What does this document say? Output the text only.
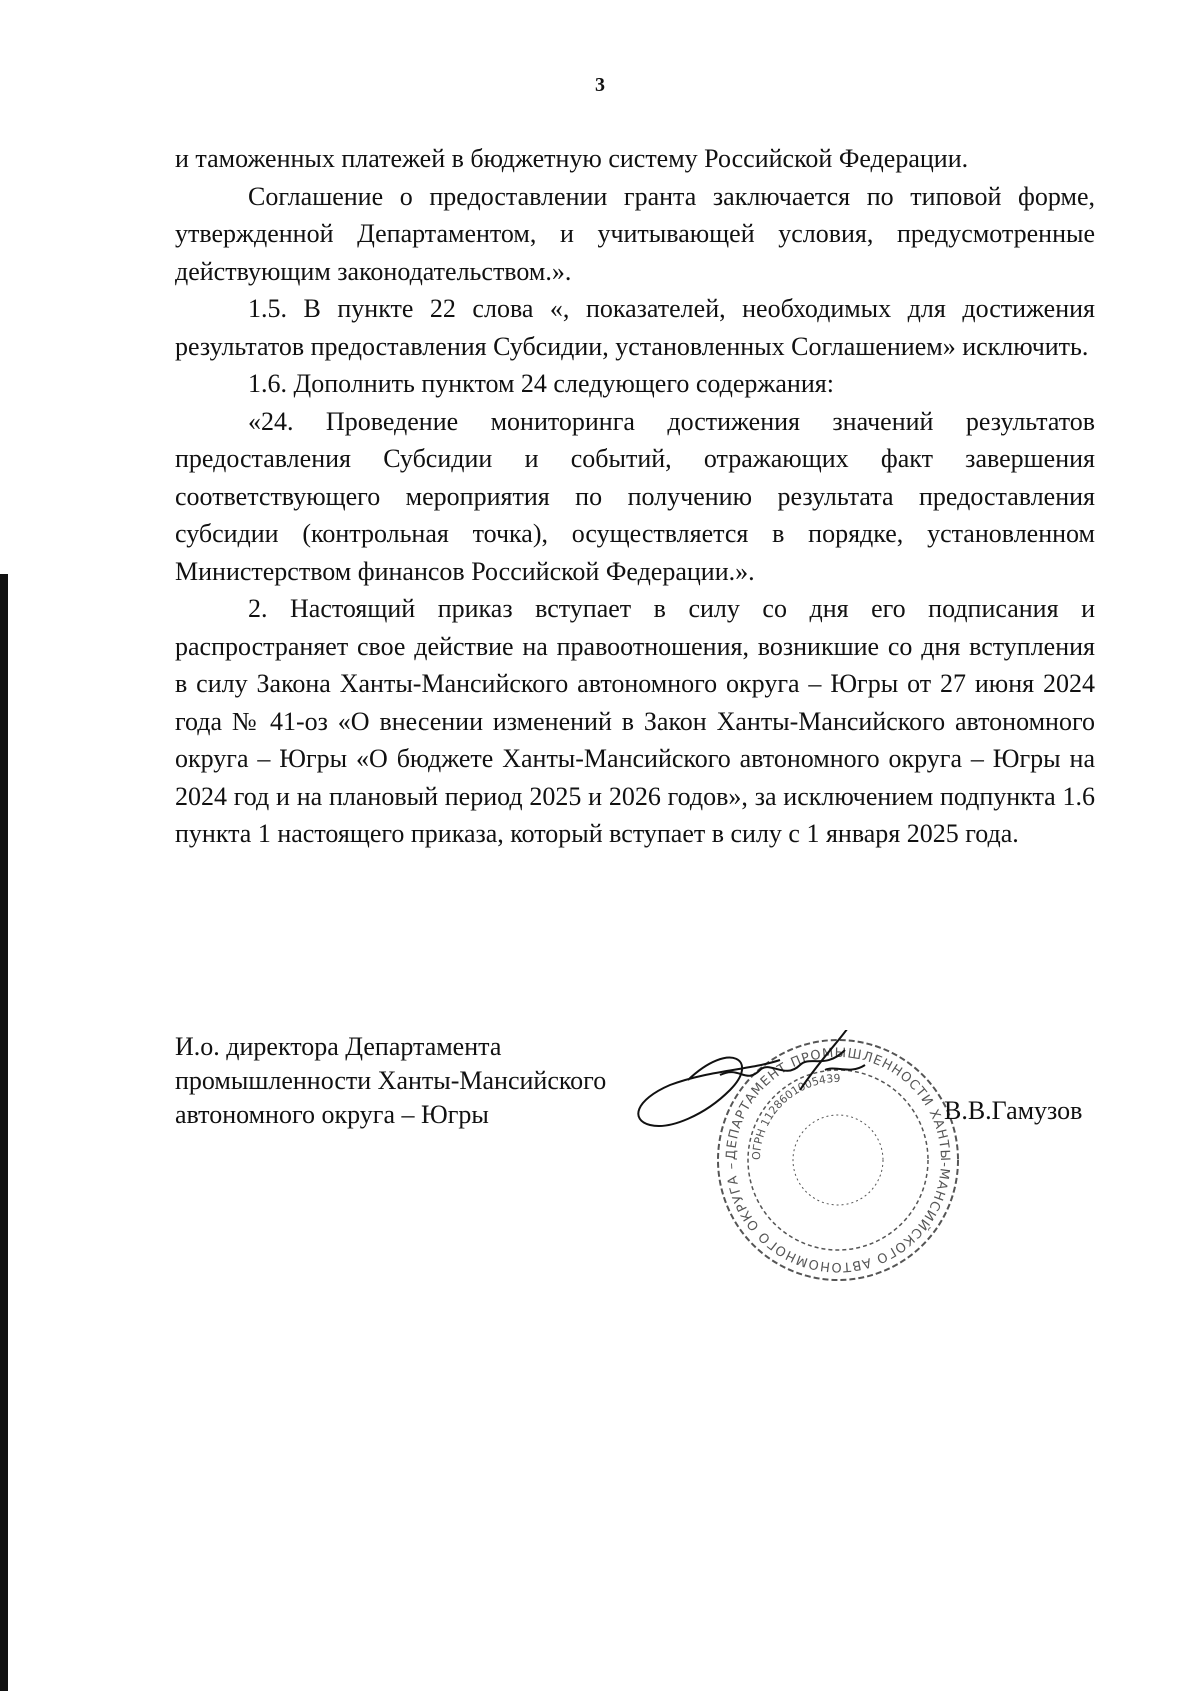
3

и таможенных платежей в бюджетную систему Российской Федерации.

Соглашение о предоставлении гранта заключается по типовой форме, утвержденной Департаментом, и учитывающей условия, предусмотренные действующим законодательством.».

1.5. В пункте 22 слова «, показателей, необходимых для достижения результатов предоставления Субсидии, установленных Соглашением» исключить.

1.6. Дополнить пунктом 24 следующего содержания:

«24. Проведение мониторинга достижения значений результатов предоставления Субсидии и событий, отражающих факт завершения соответствующего мероприятия по получению результата предоставления субсидии (контрольная точка), осуществляется в порядке, установленном Министерством финансов Российской Федерации.».

2. Настоящий приказ вступает в силу со дня его подписания и распространяет свое действие на правоотношения, возникшие со дня вступления в силу Закона Ханты-Мансийского автономного округа – Югры от 27 июня 2024 года № 41-оз «О внесении изменений в Закон Ханты-Мансийского автономного округа – Югры «О бюджете Ханты-Мансийского автономного округа – Югры на 2024 год и на плановый период 2025 и 2026 годов», за исключением подпункта 1.6 пункта 1 настоящего приказа, который вступает в силу с 1 января 2025 года.

И.о. директора Департамента
промышленности Ханты-Мансийского
автономного округа – Югры
ДЕПАРТАМЕНТ ПРОМЫШЛЕННОСТИ ХАНТЫ-МАНСИЙСКОГО АВТОНОМНОГО ОКРУГА –
ОГРН 1128601005439
В.В.Гамузов
